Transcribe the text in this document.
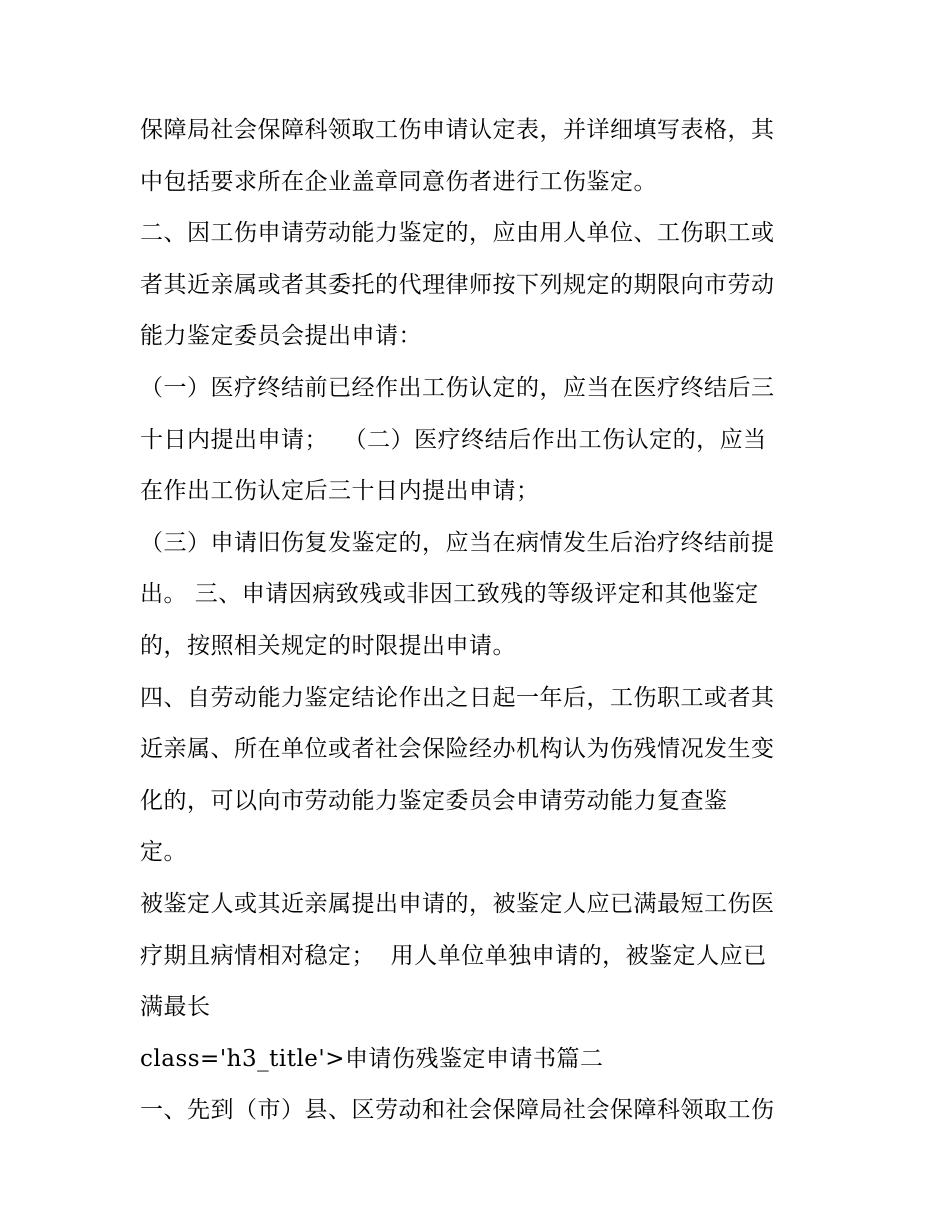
保障局社会保障科领取工伤申请认定表，并详细填写表格，其
中包括要求所在企业盖章同意伤者进行工伤鉴定。
二、因工伤申请劳动能力鉴定的，应由用人单位、工伤职工或
者其近亲属或者其委托的代理律师按下列规定的期限向市劳动
能力鉴定委员会提出申请：
（一）医疗终结前已经作出工伤认定的，应当在医疗终结后三
十日内提出申请；  （二）医疗终结后作出工伤认定的，应当
在作出工伤认定后三十日内提出申请；
（三）申请旧伤复发鉴定的，应当在病情发生后治疗终结前提
出。 三、申请因病致残或非因工致残的等级评定和其他鉴定
的，按照相关规定的时限提出申请。
四、自劳动能力鉴定结论作出之日起一年后，工伤职工或者其
近亲属、所在单位或者社会保险经办机构认为伤残情况发生变
化的，可以向市劳动能力鉴定委员会申请劳动能力复查鉴
定。
被鉴定人或其近亲属提出申请的，被鉴定人应已满最短工伤医
疗期且病情相对稳定；  用人单位单独申请的，被鉴定人应已
满最长
class='h3_title'>申请伤残鉴定申请书篇二
一、先到（市）县、区劳动和社会保障局社会保障科领取工伤
